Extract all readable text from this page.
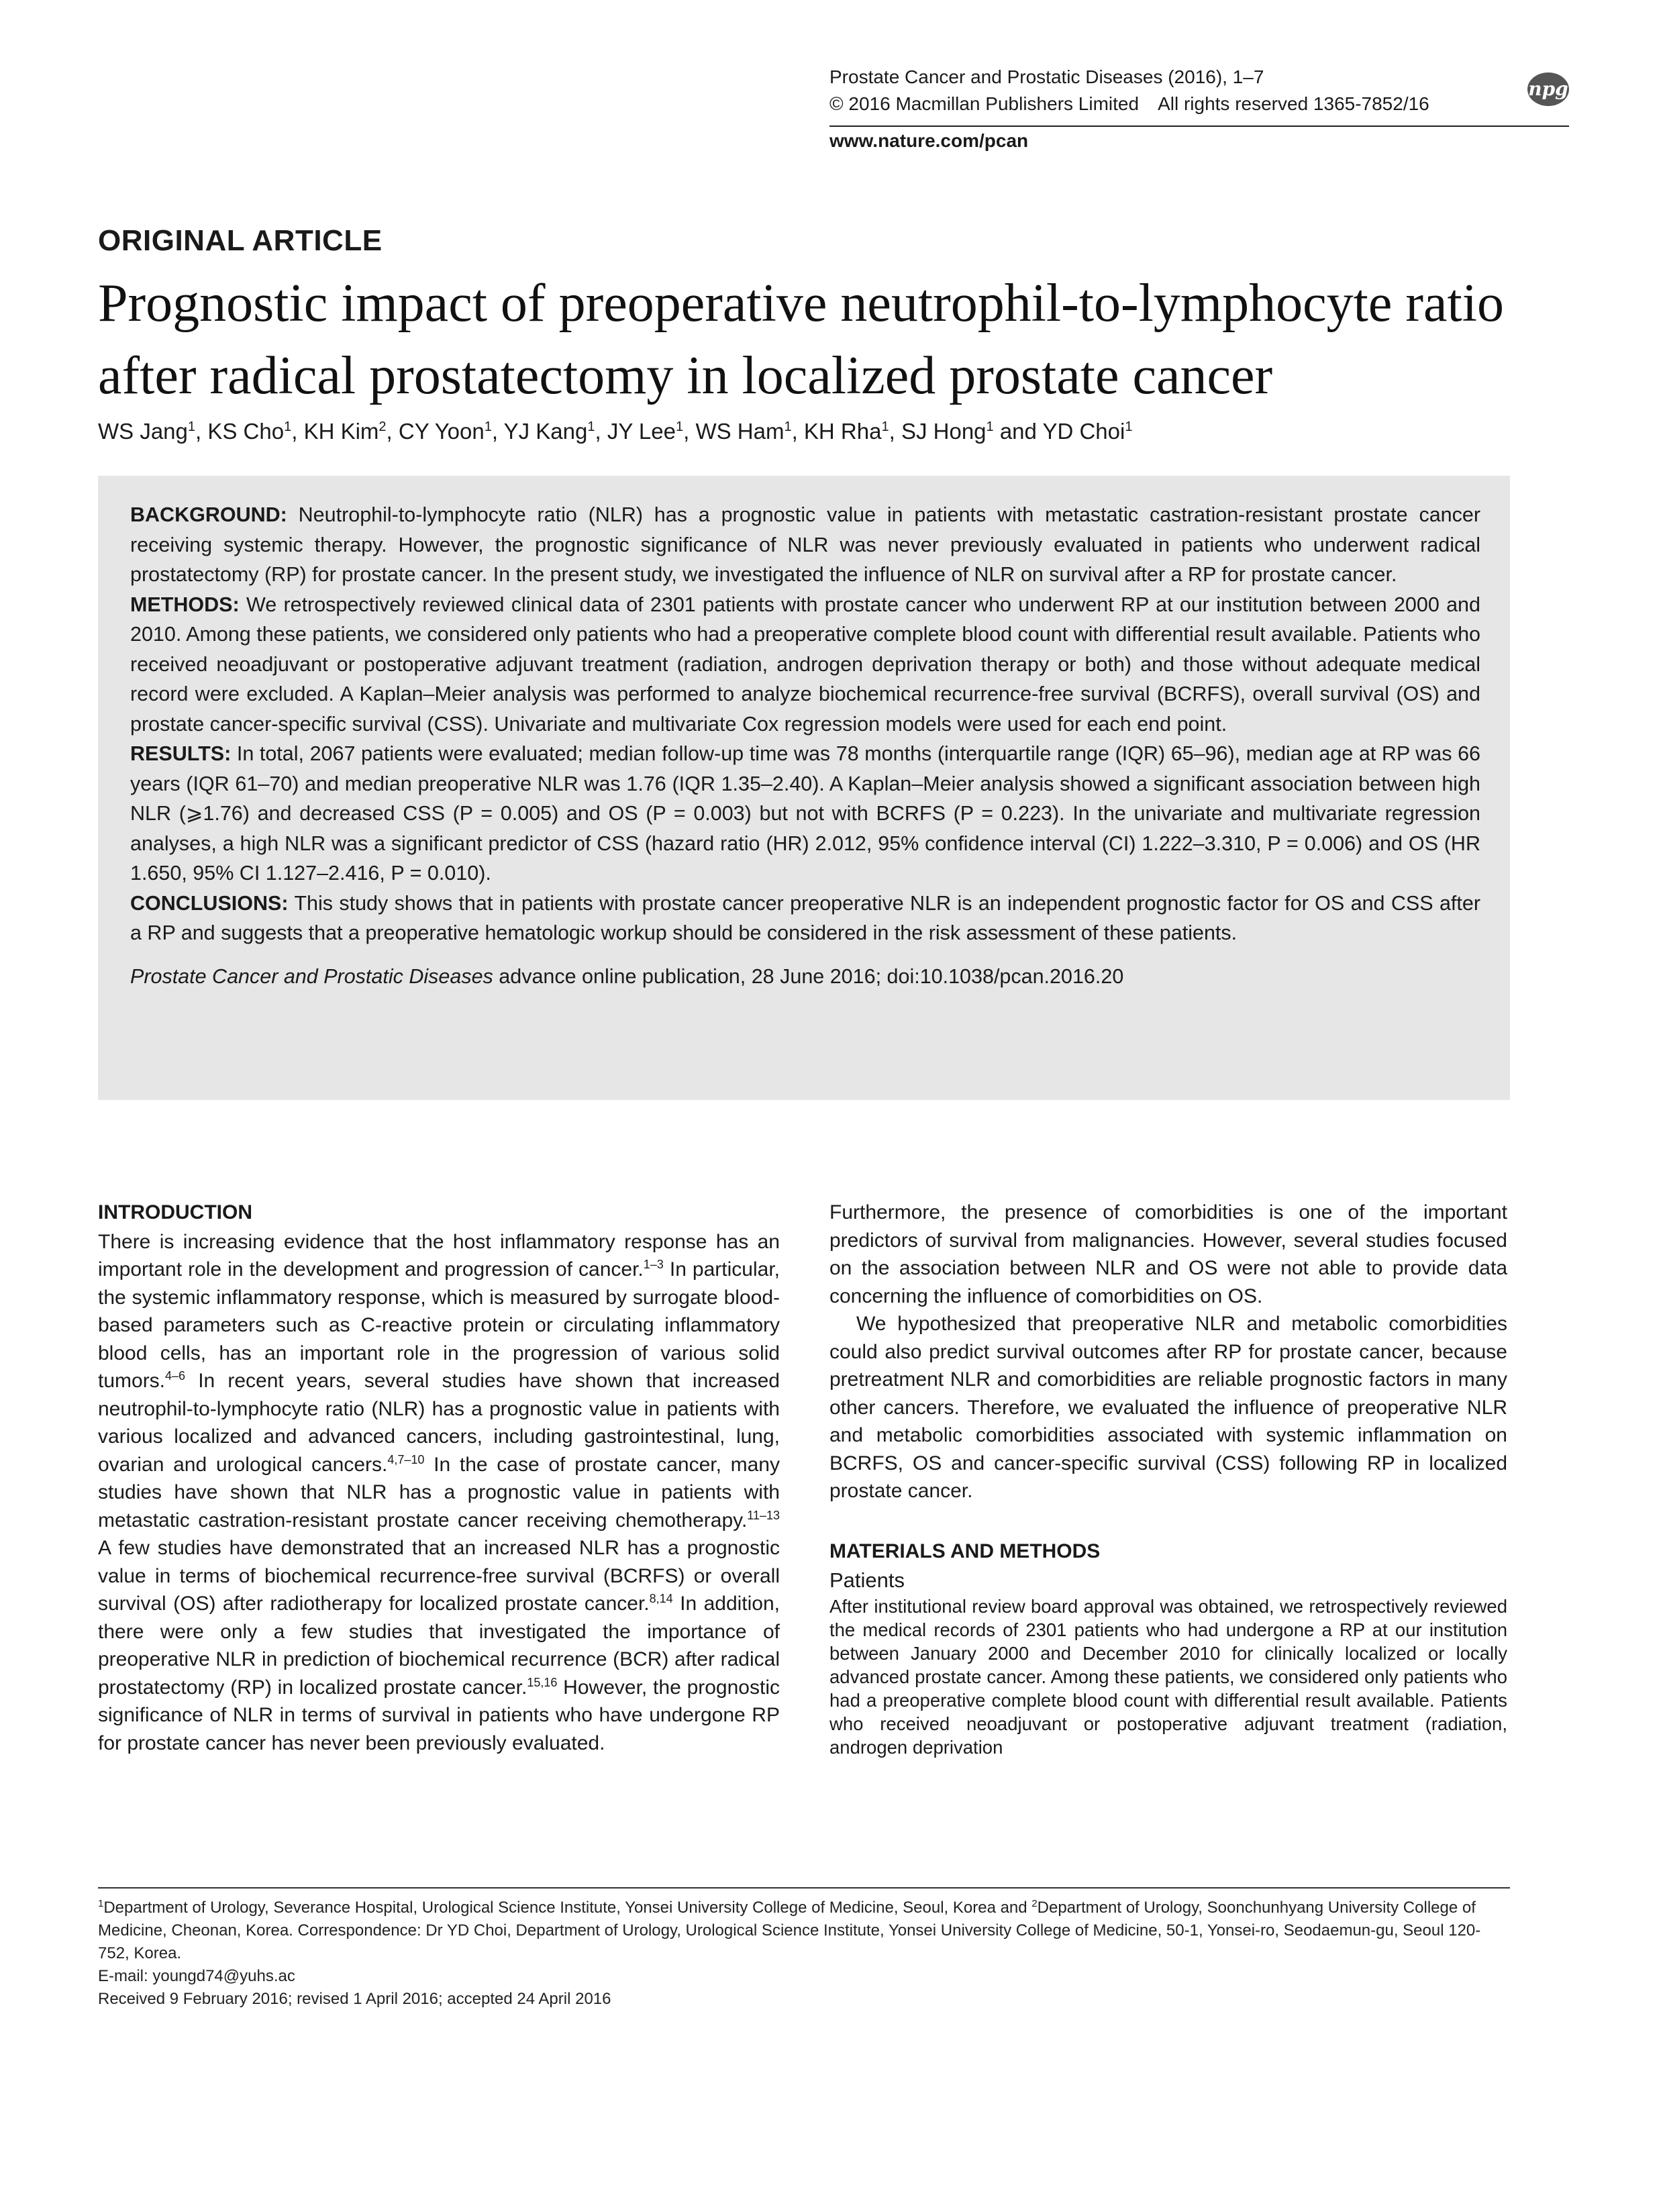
Prostate Cancer and Prostatic Diseases (2016), 1–7
© 2016 Macmillan Publishers Limited All rights reserved 1365-7852/16
npg
www.nature.com/pcan
ORIGINAL ARTICLE
Prognostic impact of preoperative neutrophil-to-lymphocyte ratio after radical prostatectomy in localized prostate cancer
WS Jang$^1$, KS Cho$^1$, KH Kim$^2$, CY Yoon$^1$, YJ Kang$^1$, JY Lee$^1$, WS Ham$^1$, KH Rha$^1$, SJ Hong$^1$ and YD Choi$^1$

BACKGROUND: Neutrophil-to-lymphocyte ratio (NLR) has a prognostic value in patients with metastatic castration-resistant prostate cancer receiving systemic therapy. However, the prognostic significance of NLR was never previously evaluated in patients who underwent radical prostatectomy (RP) for prostate cancer. In the present study, we investigated the influence of NLR on survival after a RP for prostate cancer.

METHODS: We retrospectively reviewed clinical data of 2301 patients with prostate cancer who underwent RP at our institution between 2000 and 2010. Among these patients, we considered only patients who had a preoperative complete blood count with differential result available. Patients who received neoadjuvant or postoperative adjuvant treatment (radiation, androgen deprivation therapy or both) and those without adequate medical record were excluded. A Kaplan–Meier analysis was performed to analyze biochemical recurrence-free survival (BCRFS), overall survival (OS) and prostate cancer-specific survival (CSS). Univariate and multivariate Cox regression models were used for each end point.

RESULTS: In total, 2067 patients were evaluated; median follow-up time was 78 months (interquartile range (IQR) 65–96), median age at RP was 66 years (IQR 61–70) and median preoperative NLR was 1.76 (IQR 1.35–2.40). A Kaplan–Meier analysis showed a significant association between high NLR (⩾1.76) and decreased CSS (P = 0.005) and OS (P = 0.003) but not with BCRFS (P = 0.223). In the univariate and multivariate regression analyses, a high NLR was a significant predictor of CSS (hazard ratio (HR) 2.012, 95% confidence interval (CI) 1.222–3.310, P = 0.006) and OS (HR 1.650, 95% CI 1.127–2.416, P = 0.010).

CONCLUSIONS: This study shows that in patients with prostate cancer preoperative NLR is an independent prognostic factor for OS and CSS after a RP and suggests that a preoperative hematologic workup should be considered in the risk assessment of these patients.

Prostate Cancer and Prostatic Diseases advance online publication, 28 June 2016; doi:10.1038/pcan.2016.20

INTRODUCTION

There is increasing evidence that the host inflammatory response has an important role in the development and progression of cancer.$^{1-3}$ In particular, the systemic inflammatory response, which is measured by surrogate blood-based parameters such as C-reactive protein or circulating inflammatory blood cells, has an important role in the progression of various solid tumors.$^{4-6}$ In recent years, several studies have shown that increased neutrophil-to-lymphocyte ratio (NLR) has a prognostic value in patients with various localized and advanced cancers, including gastrointestinal, lung, ovarian and urological cancers.$^{4,7-10}$ In the case of prostate cancer, many studies have shown that NLR has a prognostic value in patients with metastatic castration-resistant prostate cancer receiving chemotherapy.$^{11-13}$ A few studies have demonstrated that an increased NLR has a prognostic value in terms of biochemical recurrence-free survival (BCRFS) or overall survival (OS) after radiotherapy for localized prostate cancer.$^{8,14}$ In addition, there were only a few studies that investigated the importance of preoperative NLR in prediction of biochemical recurrence (BCR) after radical prostatectomy (RP) in localized prostate cancer.$^{15,16}$ However, the prognostic significance of NLR in terms of survival in patients who have undergone RP for prostate cancer has never been previously evaluated.

Furthermore, the presence of comorbidities is one of the important predictors of survival from malignancies. However, several studies focused on the association between NLR and OS were not able to provide data concerning the influence of comorbidities on OS.

We hypothesized that preoperative NLR and metabolic comorbidities could also predict survival outcomes after RP for prostate cancer, because pretreatment NLR and comorbidities are reliable prognostic factors in many other cancers. Therefore, we evaluated the influence of preoperative NLR and metabolic comorbidities associated with systemic inflammation on BCRFS, OS and cancer-specific survival (CSS) following RP in localized prostate cancer.

MATERIALS AND METHODS

Patients

After institutional review board approval was obtained, we retrospectively reviewed the medical records of 2301 patients who had undergone a RP at our institution between January 2000 and December 2010 for clinically localized or locally advanced prostate cancer. Among these patients, we considered only patients who had a preoperative complete blood count with differential result available. Patients who received neoadjuvant or postoperative adjuvant treatment (radiation, androgen deprivation

$^1$Department of Urology, Severance Hospital, Urological Science Institute, Yonsei University College of Medicine, Seoul, Korea and $^2$Department of Urology, Soonchunhyang University College of Medicine, Cheonan, Korea. Correspondence: Dr YD Choi, Department of Urology, Urological Science Institute, Yonsei University College of Medicine, 50-1, Yonsei-ro, Seodaemun-gu, Seoul 120-752, Korea.

E-mail: youngd74@yuhs.ac

Received 9 February 2016; revised 1 April 2016; accepted 24 April 2016
